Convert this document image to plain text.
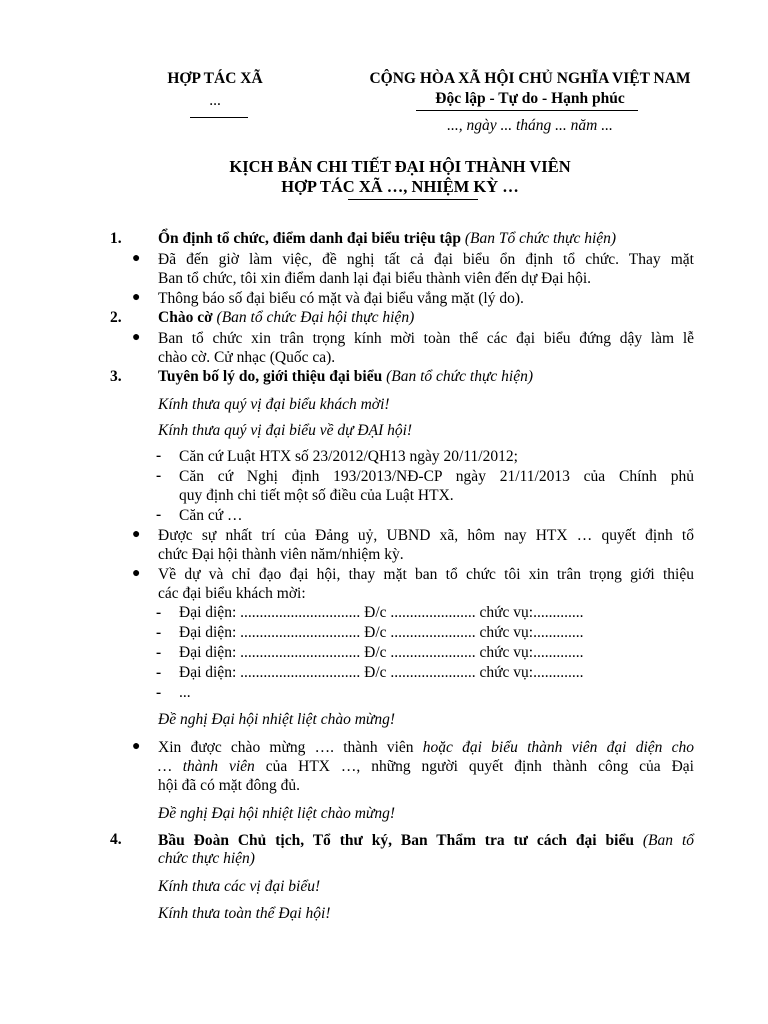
HỢP TÁC XÃ
...
CỘNG HÒA XÃ HỘI CHỦ NGHĨA VIỆT NAM
Độc lập - Tự do - Hạnh phúc
..., ngày ... tháng ... năm ...
KỊCH BẢN CHI TIẾT ĐẠI HỘI THÀNH VIÊN
HỢP TÁC XÃ …, NHIỆM KỲ …
1. Ổn định tổ chức, điểm danh đại biểu triệu tập (Ban Tổ chức thực hiện)
● Đã đến giờ làm việc, đề nghị tất cả đại biểu ổn định tổ chức. Thay mặt
Ban tổ chức, tôi xin điểm danh lại đại biểu thành viên đến dự Đại hội.
● Thông báo số đại biểu có mặt và đại biểu vắng mặt (lý do).
2. Chào cờ (Ban tổ chức Đại hội thực hiện)
● Ban tổ chức xin trân trọng kính mời toàn thể các đại biểu đứng dậy làm lễ
chào cờ. Cử nhạc (Quốc ca).
3. Tuyên bố lý do, giới thiệu đại biểu (Ban tổ chức thực hiện)
Kính thưa quý vị đại biểu khách mời!
Kính thưa quý vị đại biểu về dự ĐẠI hội!
- Căn cứ Luật HTX số 23/2012/QH13 ngày 20/11/2012;
- Căn cứ Nghị định 193/2013/NĐ-CP ngày 21/11/2013 của Chính phủ
quy định chi tiết một số điều của Luật HTX.
- Căn cứ …
● Được sự nhất trí của Đảng uỷ, UBND xã, hôm nay HTX … quyết định tổ
chức Đại hội thành viên năm/nhiệm kỳ.
● Về dự và chỉ đạo đại hội, thay mặt ban tổ chức tôi xin trân trọng giới thiệu
các đại biểu khách mời:
- Đại diện: ............................... Đ/c ...................... chức vụ:.............
- Đại diện: ............................... Đ/c ...................... chức vụ:.............
- Đại diện: ............................... Đ/c ...................... chức vụ:.............
- Đại diện: ............................... Đ/c ...................... chức vụ:.............
- ...
Đề nghị Đại hội nhiệt liệt chào mừng!
● Xin được chào mừng …. thành viên hoặc đại biểu thành viên đại diện cho
… thành viên của HTX …, những người quyết định thành công của Đại
hội đã có mặt đông đủ.
Đề nghị Đại hội nhiệt liệt chào mừng!
4. Bầu Đoàn Chủ tịch, Tổ thư ký, Ban Thẩm tra tư cách đại biểu (Ban tổ
chức thực hiện)
Kính thưa các vị đại biểu!
Kính thưa toàn thể Đại hội!
